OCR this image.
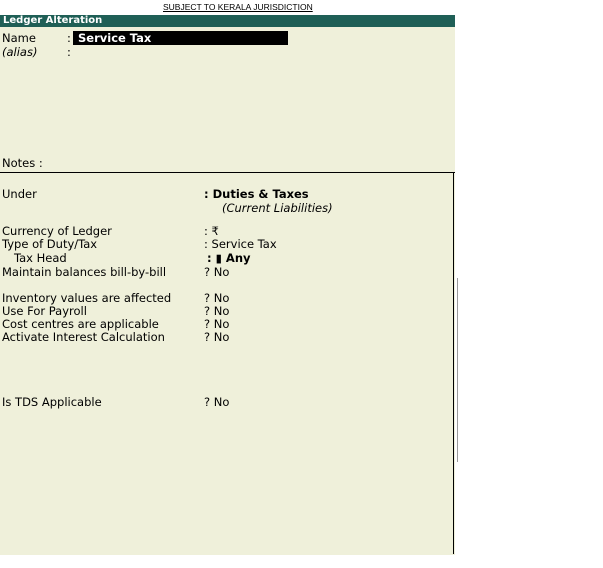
SUBJECT TO KERALA JURISDICTION
Ledger Alteration
Name	: Service Tax
(alias)	:
Notes :
Under	: Duties & Taxes
(Current Liabilities)
Currency of Ledger	: ₹
Type of Duty/Tax	: Service Tax
Tax Head	: ▮ Any
Maintain balances bill-by-bill	? No
Inventory values are affected	? No
Use For Payroll	? No
Cost centres are applicable	? No
Activate Interest Calculation	? No
Is TDS Applicable	? No
